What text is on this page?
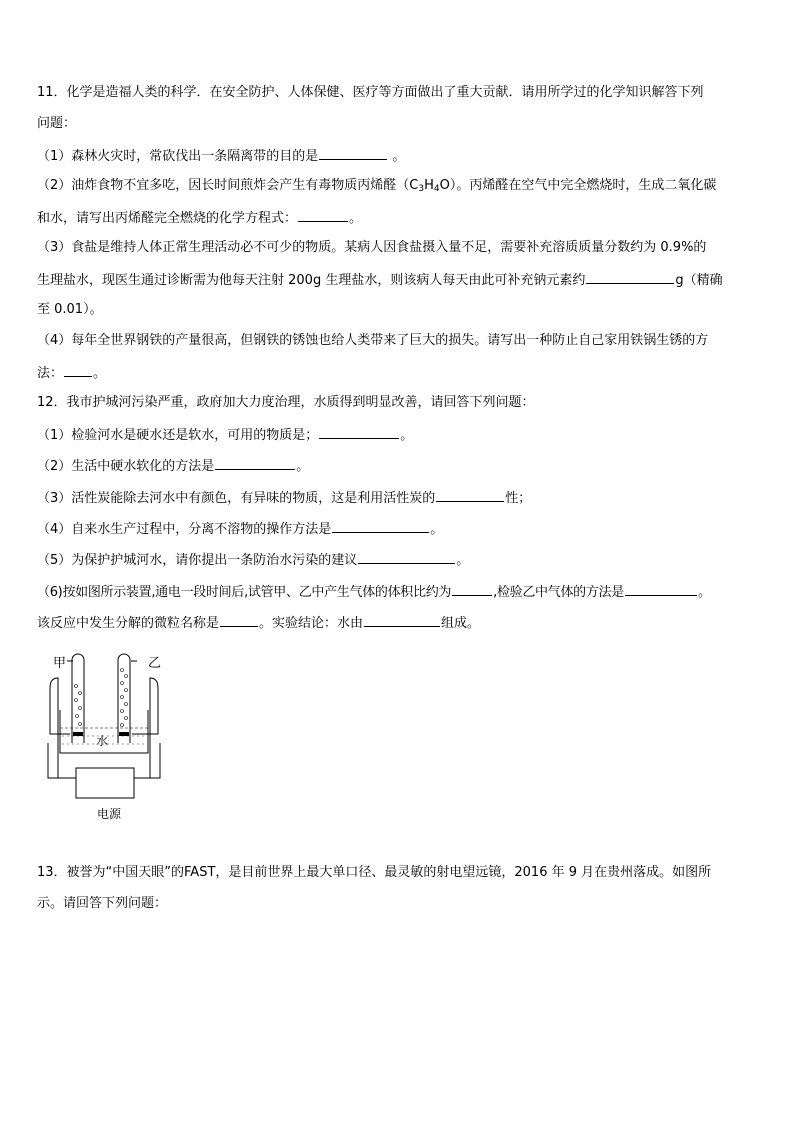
11．化学是造福人类的科学．在安全防护、人体保健、医疗等方面做出了重大贡献．请用所学过的化学知识解答下列
问题：
（1）森林火灾时，常砍伐出一条隔离带的目的是	。
（2）油炸食物不宜多吃，因长时间煎炸会产生有毒物质丙烯醛$(C_3H_4O)$。丙烯醛在空气中完全燃烧时，生成二氧化碳
和水，请写出丙烯醛完全燃烧的化学方程式：	。
（3）食盐是维持人体正常生理活动必不可少的物质。某病人因食盐摄入量不足，需要补充溶质质量分数约为 0.9%的
生理盐水，现医生通过诊断需为他每天注射 200g 生理盐水，则该病人每天由此可补充钠元素约	g（精确
至 0.01）。
（4）每年全世界钢铁的产量很高，但钢铁的锈蚀也给人类带来了巨大的损失。请写出一种防止自己家用铁锅生锈的方
法： 。
12．我市护城河污染严重，政府加大力度治理，水质得到明显改善，请回答下列问题：
（1）检验河水是硬水还是软水，可用的物质是；	。
（2）生活中硬水软化的方法是	。
（3）活性炭能除去河水中有颜色，有异味的物质，这是利用活性炭的	性；
（4）自来水生产过程中，分离不溶物的操作方法是	。
（5）为保护护城河水，请你提出一条防治水污染的建议	。
（6)按如图所示装置,通电一段时间后,试管甲、乙中产生气体的体积比约为	,检验乙中气体的方法是	。
该反应中发生分解的微粒名称是	。实验结论：水由	组成。
甲	乙
水
电源
13．被誉为“中国天眼”的FAST，是目前世界上最大单口径、最灵敏的射电望远镜，2016 年 9 月在贵州落成。如图所
示。请回答下列问题：
